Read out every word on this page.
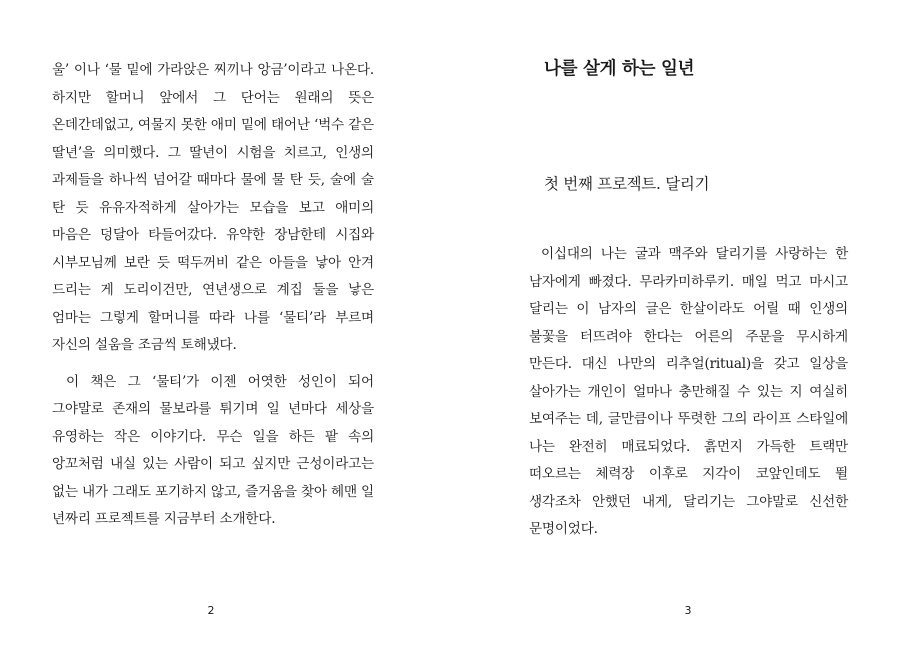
울’ 이나 ‘물 밑에 가라앉은 찌끼나 앙금’이라고 나온다. 하지만 할머니 앞에서 그 단어는 원래의 뜻은 온데간데없고, 여물지 못한 애미 밑에 태어난 ‘벅수 같은 딸년’을 의미했다. 그 딸년이 시험을 치르고, 인생의 과제들을 하나씩 넘어갈 때마다 물에 물 탄 듯, 술에 술 탄 듯 유유자적하게 살아가는 모습을 보고 애미의 마음은 덩달아 타들어갔다. 유약한 장남한테 시집와 시부모님께 보란 듯 떡두꺼비 같은 아들을 낳아 안겨 드리는 게 도리이건만, 연년생으로 계집 둘을 낳은 엄마는 그렇게 할머니를 따라 나를 ‘물티’라 부르며 자신의 설움을 조금씩 토해냈다.

이 책은 그 ‘물티’가 이젠 어엿한 성인이 되어 그야말로 존재의 물보라를 튀기며 일 년마다 세상을 유영하는 작은 이야기다. 무슨 일을 하든 팥 속의 앙꼬처럼 내실 있는 사람이 되고 싶지만 근성이라고는 없는 내가 그래도 포기하지 않고, 즐거움을 찾아 헤맨 일 년짜리 프로젝트를 지금부터 소개한다.

2
나를 살게 하는 일년
첫 번째 프로젝트. 달리기

이십대의 나는 굴과 맥주와 달리기를 사랑하는 한 남자에게 빠졌다. 무라카미하루키. 매일 먹고 마시고 달리는 이 남자의 글은 한살이라도 어릴 때 인생의 불꽃을 터뜨려야 한다는 어른의 주문을 무시하게 만든다. 대신 나만의 리추얼(ritual)을 갖고 일상을 살아가는 개인이 얼마나 충만해질 수 있는 지 여실히 보여주는 데, 글만큼이나 뚜렷한 그의 라이프 스타일에 나는 완전히 매료되었다. 흙먼지 가득한 트랙만 떠오르는 체력장 이후로 지각이 코앞인데도 뛸 생각조차 안했던 내게, 달리기는 그야말로 신선한 문명이었다.

3
